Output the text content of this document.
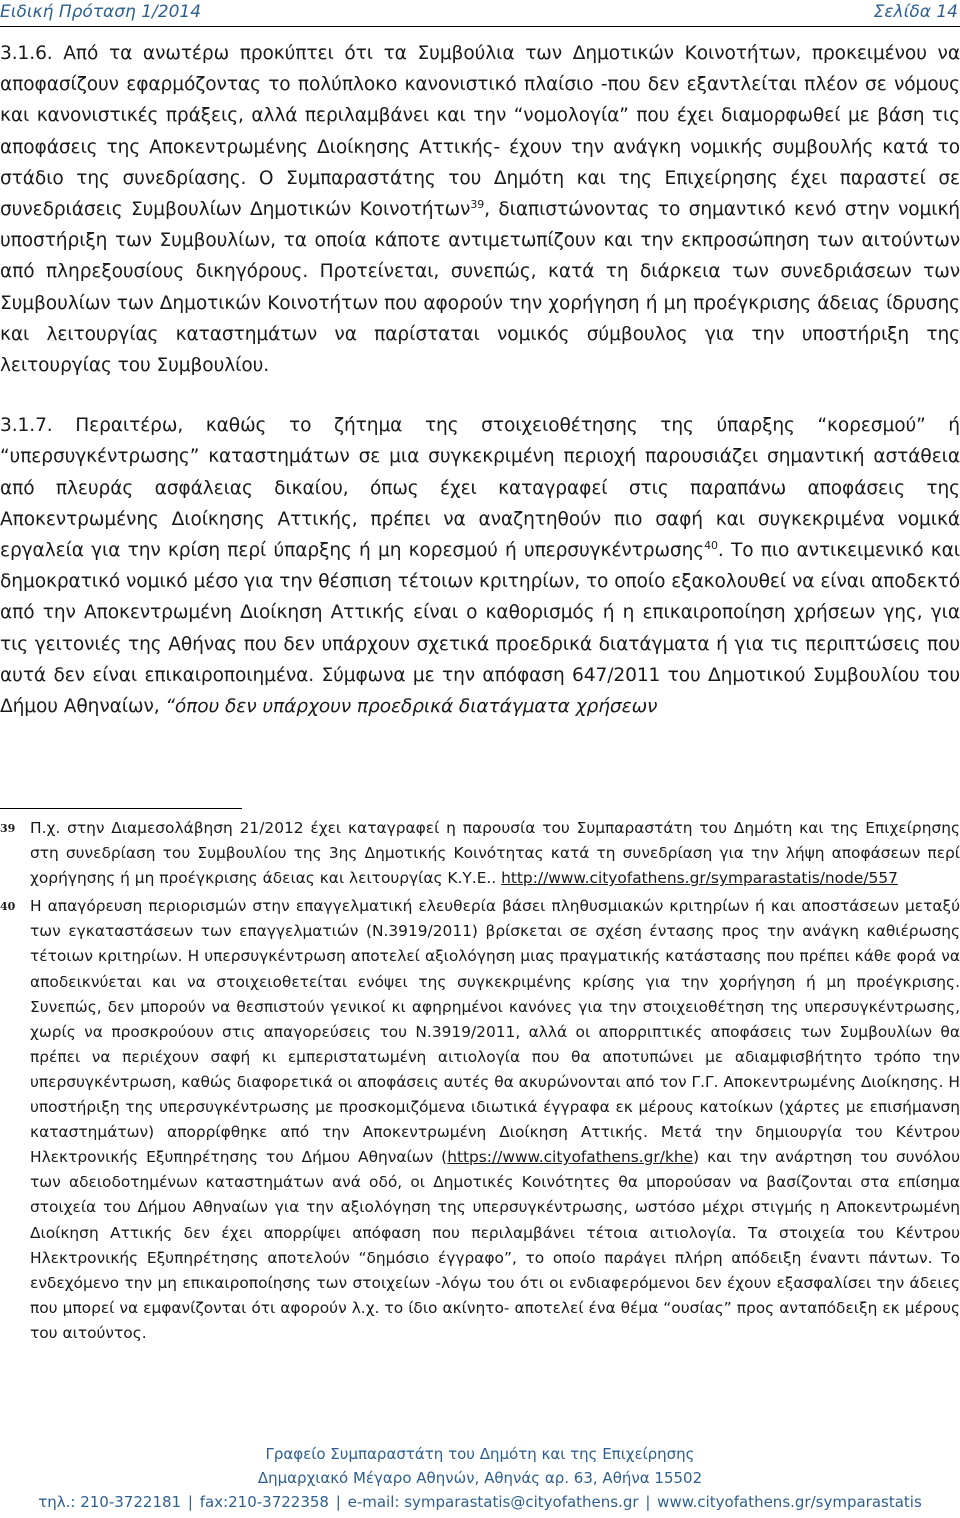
Ειδική Πρόταση 1/2014	Σελίδα 14

3.1.6. Από τα ανωτέρω προκύπτει ότι τα Συμβούλια των Δημοτικών Κοινοτήτων, προκειμένου να αποφασίζουν εφαρμόζοντας το πολύπλοκο κανονιστικό πλαίσιο -που δεν εξαντλείται πλέον σε νόμους και κανονιστικές πράξεις, αλλά περιλαμβάνει και την “νομολογία” που έχει διαμορφωθεί με βάση τις αποφάσεις της Αποκεντρωμένης Διοίκησης Αττικής- έχουν την ανάγκη νομικής συμβουλής κατά το στάδιο της συνεδρίασης. Ο Συμπαραστάτης του Δημότη και της Επιχείρησης έχει παραστεί σε συνεδριάσεις Συμβουλίων Δημοτικών Κοινοτήτων$^{39}$, διαπιστώνοντας το σημαντικό κενό στην νομική υποστήριξη των Συμβουλίων, τα οποία κάποτε αντιμετωπίζουν και την εκπροσώπηση των αιτούντων από πληρεξουσίους δικηγόρους. Προτείνεται, συνεπώς, κατά τη διάρκεια των συνεδριάσεων των Συμβουλίων των Δημοτικών Κοινοτήτων που αφορούν την χορήγηση ή μη προέγκρισης άδειας ίδρυσης και λειτουργίας καταστημάτων να παρίσταται νομικός σύμβουλος για την υποστήριξη της λειτουργίας του Συμβουλίου.

3.1.7. Περαιτέρω, καθώς το ζήτημα της στοιχειοθέτησης της ύπαρξης “κορεσμού” ή “υπερσυγκέντρωσης” καταστημάτων σε μια συγκεκριμένη περιοχή παρουσιάζει σημαντική αστάθεια από πλευράς ασφάλειας δικαίου, όπως έχει καταγραφεί στις παραπάνω αποφάσεις της Αποκεντρωμένης Διοίκησης Αττικής, πρέπει να αναζητηθούν πιο σαφή και συγκεκριμένα νομικά εργαλεία για την κρίση περί ύπαρξης ή μη κορεσμού ή υπερσυγκέντρωσης$^{40}$. Το πιο αντικειμενικό και δημοκρατικό νομικό μέσο για την θέσπιση τέτοιων κριτηρίων, το οποίο εξακολουθεί να είναι αποδεκτό από την Αποκεντρωμένη Διοίκηση Αττικής είναι ο καθορισμός ή η επικαιροποίηση χρήσεων γης, για τις γειτονιές της Αθήνας που δεν υπάρχουν σχετικά προεδρικά διατάγματα ή για τις περιπτώσεις που αυτά δεν είναι επικαιροποιημένα. Σύμφωνα με την απόφαση 647/2011 του Δημοτικού Συμβουλίου του Δήμου Αθηναίων, “όπου δεν υπάρχουν προεδρικά διατάγματα χρήσεων

39 Π.χ. στην Διαμεσολάβηση 21/2012 έχει καταγραφεί η παρουσία του Συμπαραστάτη του Δημότη και της Επιχείρησης στη συνεδρίαση του Συμβουλίου της 3ης Δημοτικής Κοινότητας κατά τη συνεδρίαση για την λήψη αποφάσεων περί χορήγησης ή μη προέγκρισης άδειας και λειτουργίας Κ.Υ.Ε.. http://www.cityofathens.gr/symparastatis/node/557

40 Η απαγόρευση περιορισμών στην επαγγελματική ελευθερία βάσει πληθυσμιακών κριτηρίων ή και αποστάσεων μεταξύ των εγκαταστάσεων των επαγγελματιών (Ν.3919/2011) βρίσκεται σε σχέση έντασης προς την ανάγκη καθιέρωσης τέτοιων κριτηρίων. Η υπερσυγκέντρωση αποτελεί αξιολόγηση μιας πραγματικής κατάστασης που πρέπει κάθε φορά να αποδεικνύεται και να στοιχειοθετείται ενόψει της συγκεκριμένης κρίσης για την χορήγηση ή μη προέγκρισης. Συνεπώς, δεν μπορούν να θεσπιστούν γενικοί κι αφηρημένοι κανόνες για την στοιχειοθέτηση της υπερσυγκέντρωσης, χωρίς να προσκρούουν στις απαγορεύσεις του Ν.3919/2011, αλλά οι απορριπτικές αποφάσεις των Συμβουλίων θα πρέπει να περιέχουν σαφή κι εμπεριστατωμένη αιτιολογία που θα αποτυπώνει με αδιαμφισβήτητο τρόπο την υπερσυγκέντρωση, καθώς διαφορετικά οι αποφάσεις αυτές θα ακυρώνονται από τον Γ.Γ. Αποκεντρωμένης Διοίκησης. Η υποστήριξη της υπερσυγκέντρωσης με προσκομιζόμενα ιδιωτικά έγγραφα εκ μέρους κατοίκων (χάρτες με επισήμανση καταστημάτων) απορρίφθηκε από την Αποκεντρωμένη Διοίκηση Αττικής. Μετά την δημιουργία του Κέντρου Ηλεκτρονικής Εξυπηρέτησης του Δήμου Αθηναίων (https://www.cityofathens.gr/khe) και την ανάρτηση του συνόλου των αδειοδοτημένων καταστημάτων ανά οδό, οι Δημοτικές Κοινότητες θα μπορούσαν να βασίζονται στα επίσημα στοιχεία του Δήμου Αθηναίων για την αξιολόγηση της υπερσυγκέντρωσης, ωστόσο μέχρι στιγμής η Αποκεντρωμένη Διοίκηση Αττικής δεν έχει απορρίψει απόφαση που περιλαμβάνει τέτοια αιτιολογία. Τα στοιχεία του Κέντρου Ηλεκτρονικής Εξυπηρέτησης αποτελούν “δημόσιο έγγραφο”, το οποίο παράγει πλήρη απόδειξη έναντι πάντων. Το ενδεχόμενο την μη επικαιροποίησης των στοιχείων -λόγω του ότι οι ενδιαφερόμενοι δεν έχουν εξασφαλίσει την άδειες που μπορεί να εμφανίζονται ότι αφορούν λ.χ. το ίδιο ακίνητο- αποτελεί ένα θέμα “ουσίας” προς ανταπόδειξη εκ μέρους του αιτούντος.

Γραφείο Συμπαραστάτη του Δημότη και της Επιχείρησης
Δημαρχιακό Μέγαρο Αθηνών, Αθηνάς αρ. 63, Αθήνα 15502
τηλ.: 210-3722181 | fax:210-3722358 | e-mail: symparastatis@cityofathens.gr | www.cityofathens.gr/symparastatis
